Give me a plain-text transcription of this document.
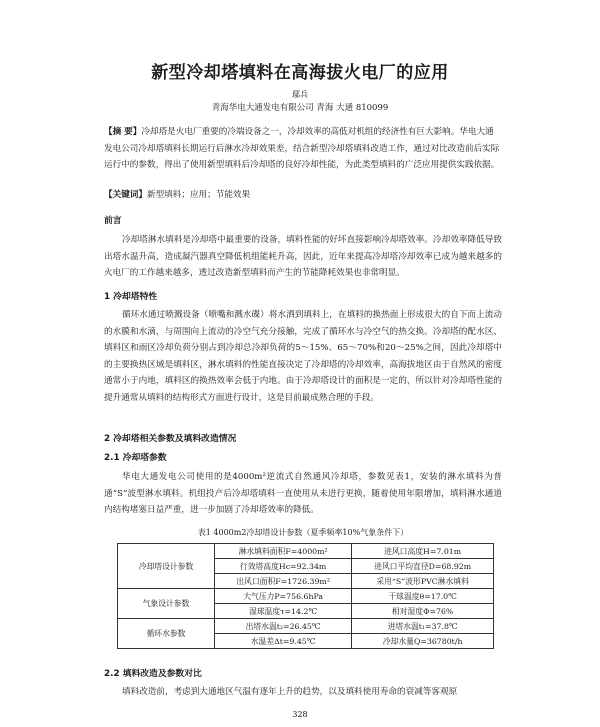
新型冷却塔填料在高海拔火电厂的应用
鄢兵
青海华电大通发电有限公司 青海 大通 810099
【摘 要】冷却塔是火电厂重要的冷端设备之一，冷却效率的高低对机组的经济性有巨大影响。华电大通发电公司冷却塔填料长期运行后淋水冷却效果差，结合新型冷却塔填料改造工作，通过对比改造前后实际运行中的参数，得出了使用新型填料后冷却塔的良好冷却性能，为此类型填料的广泛应用提供实践依据。
【关键词】新型填料；应用；节能效果
前言
冷却塔淋水填料是冷却塔中最重要的设备，填料性能的好坏直接影响冷却塔效率。冷却效率降低导致出塔水温升高，造成凝汽器真空降低机组能耗升高，因此，近年来提高冷却塔冷却效率已成为越来越多的火电厂的工作越来越多，透过改造新型填料而产生的节能降耗效果也非常明显。
1 冷却塔特性
循环水通过喷溅设备（喷嘴和溅水碟）将水洒到填料上，在填料的换热面上形成很大的自下而上流动的水膜和水滴，与周围向上流动的冷空气充分接触，完成了循环水与冷空气的热交换。冷却塔的配水区、填料区和雨区冷却负荷分别占到冷却总冷却负荷的5～15%、65～70%和20～25%之间，因此冷却塔中的主要换热区域是填料区，淋水填料的性能直接决定了冷却塔的冷却效率，高海拔地区由于自然风的密度通常小于内地，填料区的换热效率会低于内地。由于冷却塔设计的面积是一定的，所以针对冷却塔性能的提升通常从填料的结构形式方面进行设计，这是目前最成熟合理的手段。
2 冷却塔相关参数及填料改造情况
2.1 冷却塔参数
华电大通发电公司使用的是4000m²逆流式自然通风冷却塔，参数见表1，安装的淋水填料为普通“S”波型淋水填料。机组投产后冷却塔填料一直使用从未进行更换，随着使用年限增加，填料淋水通道内结构堵塞日益严重，进一步加剧了冷却塔效率的降低。
表1 4000m2冷却塔设计参数（夏季频率10%气象条件下）
冷却塔设计参数	淋水填料面积F=4000m²	进风口高度H=7.01m
	行效塔高度Hc=92.34m	进风口平均直径D=68.92m
	出风口面积F=1726.39m²	采用“S”波形PVC淋水填料
气象设计参数	大气压力P=756.6hPa	干球温度θ=17.0℃
	湿球温度τ=14.2℃	相对湿度Φ=76%
循环水参数	出塔水温t₂=26.45℃	进塔水温t₁=37.8℃
	水温差Δt=9.45℃	冷却水量Q=36780t/h
2.2 填料改造及参数对比
填料改造前，考虑到大通地区气温有逐年上升的趋势，以及填料使用寿命的衰减等客观原
328
